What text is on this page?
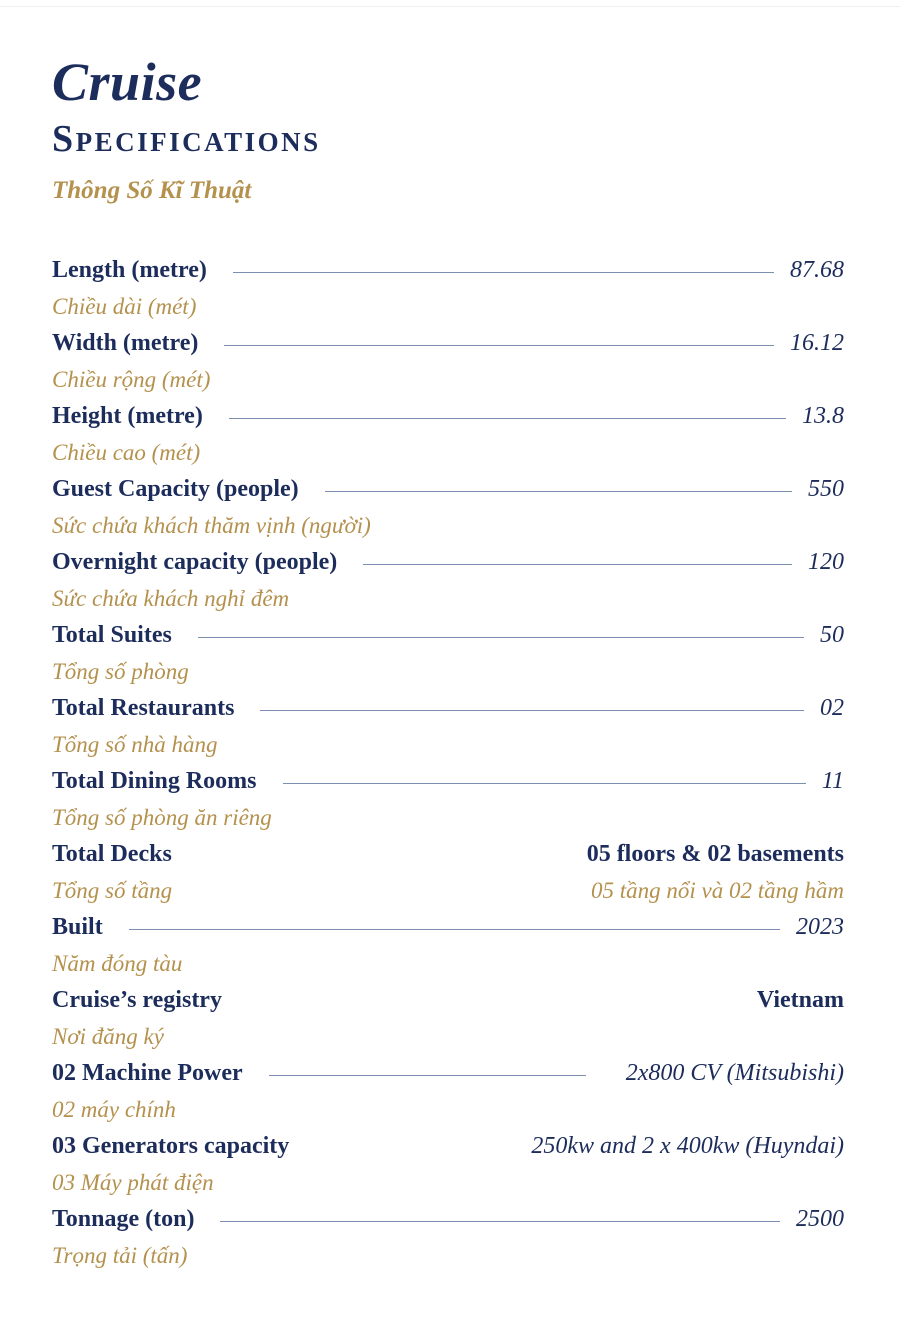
Cruise
Specifications
Thông Số Kĩ Thuật
Length (metre)	87.68
Chiều dài (mét)
Width (metre)	16.12
Chiều rộng (mét)
Height (metre)	13.8
Chiều cao (mét)
Guest Capacity (people)	550
Sức chứa khách thăm vịnh (người)
Overnight capacity (people)	120
Sức chứa khách nghỉ đêm
Total Suites	50
Tổng số phòng
Total Restaurants	02
Tổng số nhà hàng
Total Dining Rooms	11
Tổng số phòng ăn riêng
Total Decks	05 floors & 02 basements
Tổng số tầng	05 tầng nổi và 02 tầng hầm
Built	2023
Năm đóng tàu
Cruise’s registry	Vietnam
Nơi đăng ký
02 Machine Power	2x800 CV (Mitsubishi)
02 máy chính
03 Generators capacity	250kw and 2 x 400kw (Huyndai)
03 Máy phát điện
Tonnage (ton)	2500
Trọng tải (tấn)
